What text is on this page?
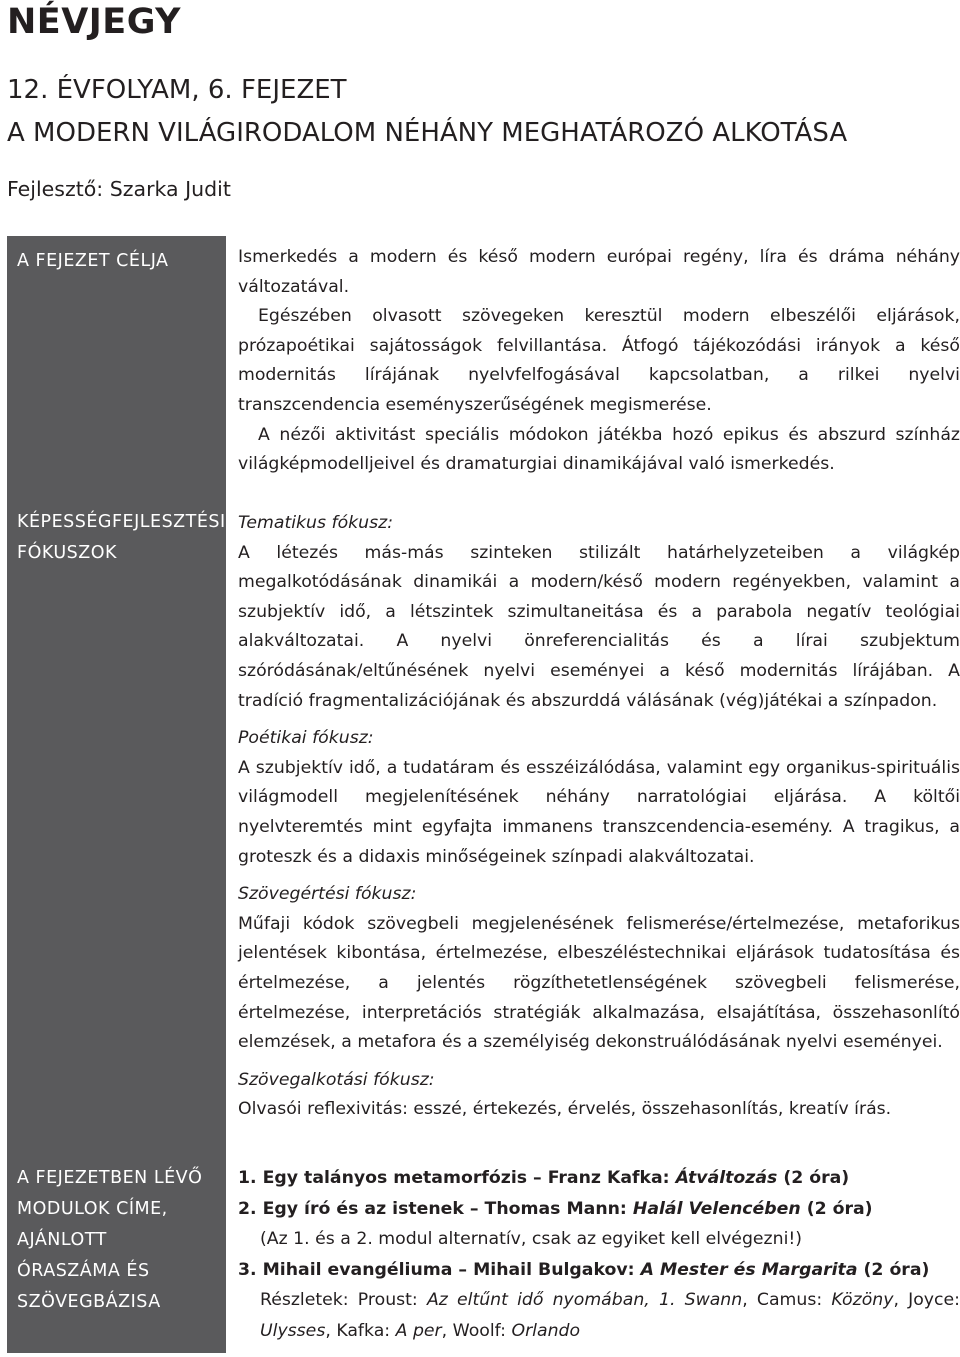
NÉVJEGY
12. ÉVFOLYAM, 6. FEJEZET
A MODERN VILÁGIRODALOM NÉHÁNY MEGHATÁROZÓ ALKOTÁSA

Fejlesztő: Szarka Judit

A FEJEZET CÉLJA
KÉPESSÉGFEJLESZTÉSI
FÓKUSZOK
A FEJEZETBEN LÉVŐ
MODULOK CÍME,
AJÁNLOTT
ÓRASZÁMA ÉS
SZÖVEGBÁZISA

Ismerkedés a modern és késő modern európai regény, líra és dráma néhány változatával.

Egészében olvasott szövegeken keresztül modern elbeszélői eljárások, prózapoétikai sajátosságok felvillantása. Átfogó tájékozódási irányok a késő modernitás lírájának nyelvfelfogásával kapcsolatban, a rilkei nyelvi transzcendencia eseményszerűségének megismerése.

A nézői aktivitást speciális módokon játékba hozó epikus és abszurd színház világképmodelljeivel és dramaturgiai dinamikájával való ismerkedés.

Tematikus fókusz:

A létezés más-más szinteken stilizált határhelyzeteiben a világkép megalkotódásának dinamikái a modern/késő modern regényekben, valamint a szubjektív idő, a létszintek szimultaneitása és a parabola negatív teológiai alakváltozatai. A nyelvi önreferencialitás és a lírai szubjektum szóródásának/eltűnésének nyelvi eseményei a késő modernitás lírájában. A tradíció fragmentalizációjának és abszurddá válásának (vég)játékai a színpadon.

Poétikai fókusz:

A szubjektív idő, a tudatáram és esszéizálódása, valamint egy organikus-spirituális világmodell megjelenítésének néhány narratológiai eljárása. A költői nyelvteremtés mint egyfajta immanens transzcendencia-esemény. A tragikus, a groteszk és a didaxis minőségeinek színpadi alakváltozatai.

Szövegértési fókusz:

Műfaji kódok szövegbeli megjelenésének felismerése/értelmezése, metaforikus jelentések kibontása, értelmezése, elbeszéléstechnikai eljárások tudatosítása és értelmezése, a jelentés rögzíthetetlenségének szövegbeli felismerése, értelmezése, interpretációs stratégiák alkalmazása, elsajátítása, összehasonlító elemzések, a metafora és a személyiség dekonstruálódásának nyelvi eseményei.

Szövegalkotási fókusz:

Olvasói reflexivitás: esszé, értekezés, érvelés, összehasonlítás, kreatív írás.

1. Egy talányos metamorfózis – Franz Kafka: Átváltozás (2 óra)
2. Egy író és az istenek – Thomas Mann: Halál Velencében (2 óra)
(Az 1. és a 2. modul alternatív, csak az egyiket kell elvégezni!)
3. Mihail evangéliuma – Mihail Bulgakov: A Mester és Margarita (2 óra)
Részletek: Proust: Az eltűnt idő nyomában, 1. Swann, Camus: Közöny, Joyce: Ulysses, Kafka: A per, Woolf: Orlando
